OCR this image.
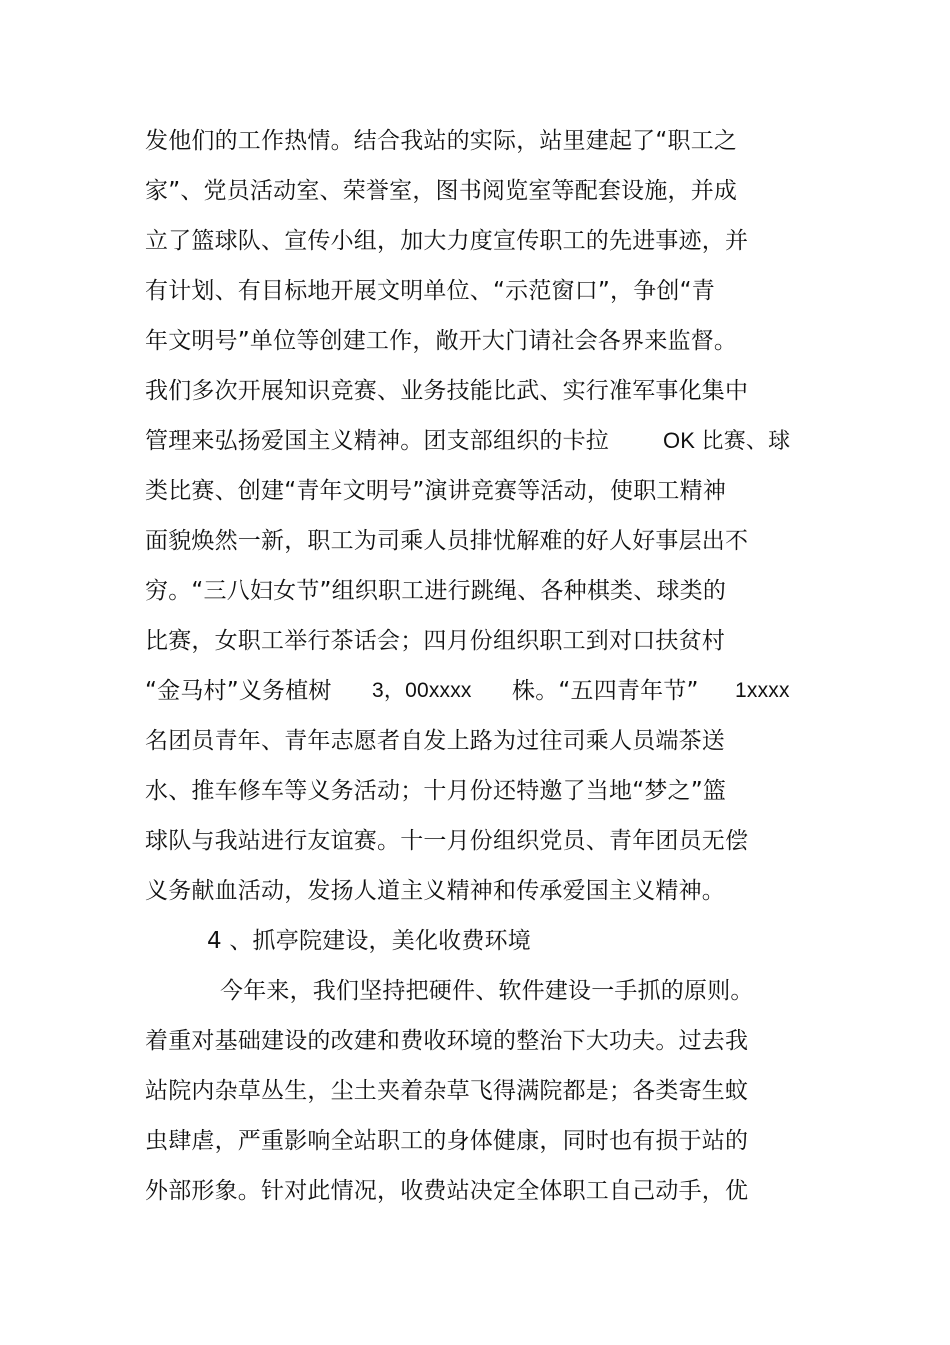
发他们的工作热情。结合我站的实际，站里建起了“职工之
家”、党员活动室、荣誉室，图书阅览室等配套设施，并成
立了篮球队、宣传小组，加大力度宣传职工的先进事迹，并
有计划、有目标地开展文明单位、“示范窗口”，争创“青
年文明号”单位等创建工作，敞开大门请社会各界来监督。
我们多次开展知识竞赛、业务技能比武、实行准军事化集中
管理来弘扬爱国主义精神。团支部组织的卡拉 OK 比赛、球
类比赛、创建“青年文明号”演讲竞赛等活动，使职工精神
面貌焕然一新，职工为司乘人员排忧解难的好人好事层出不
穷。“三八妇女节”组织职工进行跳绳、各种棋类、球类的
比赛，女职工举行茶话会；四月份组织职工到对口扶贫村
“金马村”义务植树 3，00xxxx 株。“五四青年节” 1xxxx
名团员青年、青年志愿者自发上路为过往司乘人员端茶送
水、推车修车等义务活动；十月份还特邀了当地“梦之”篮
球队与我站进行友谊赛。十一月份组织党员、青年团员无偿
义务献血活动，发扬人道主义精神和传承爱国主义精神。
4 、抓亭院建设，美化收费环境
今年来，我们坚持把硬件、软件建设一手抓的原则。
着重对基础建设的改建和费收环境的整治下大功夫。过去我
站院内杂草丛生，尘土夹着杂草飞得满院都是；各类寄生蚊
虫肆虐，严重影响全站职工的身体健康，同时也有损于站的
外部形象。针对此情况，收费站决定全体职工自己动手，优
